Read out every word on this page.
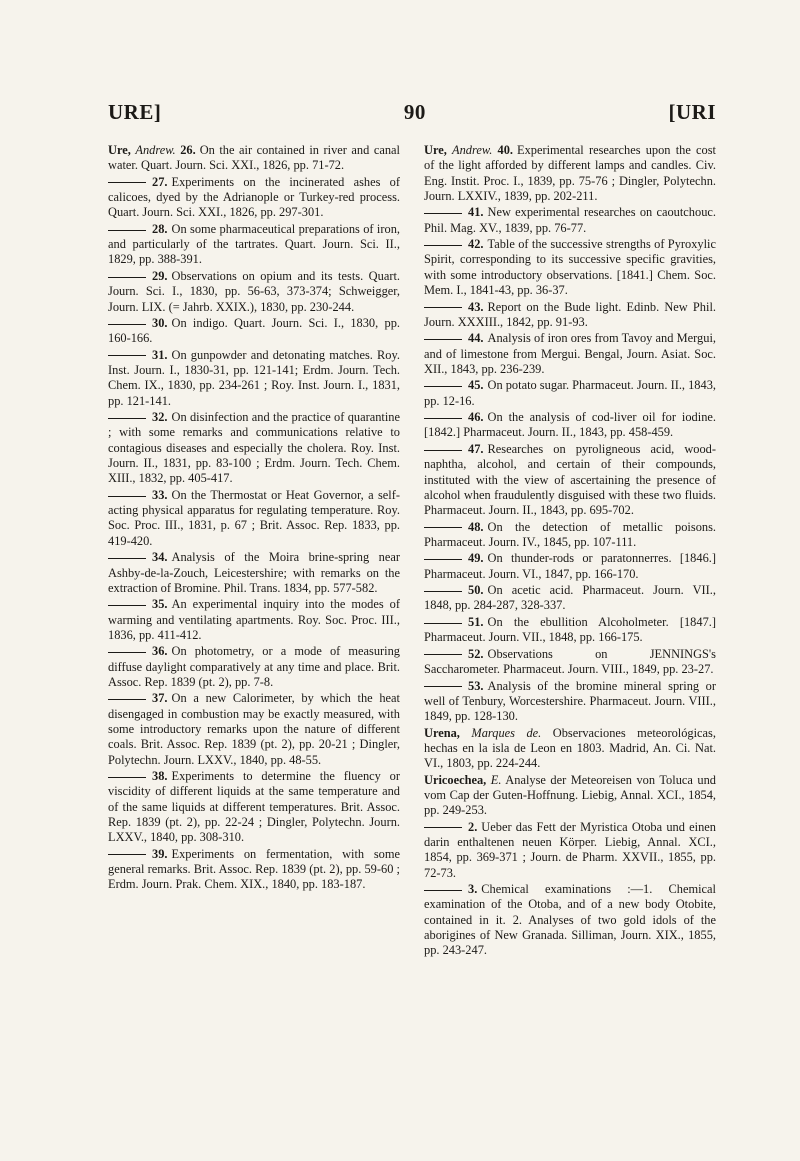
URE]	90	[URI

Ure, Andrew. 26. On the air contained in river and canal water. Quart. Journ. Sci. XXI., 1826, pp. 71-72.

27. Experiments on the incinerated ashes of calicoes, dyed by the Adrianople or Turkey-red process. Quart. Journ. Sci. XXI., 1826, pp. 297-301.

28. On some pharmaceutical preparations of iron, and particularly of the tartrates. Quart. Journ. Sci. II., 1829, pp. 388-391.

29. Observations on opium and its tests. Quart. Journ. Sci. I., 1830, pp. 56-63, 373-374; Schweigger, Journ. LIX. (= Jahrb. XXIX.), 1830, pp. 230-244.

30. On indigo. Quart. Journ. Sci. I., 1830, pp. 160-166.

31. On gunpowder and detonating matches. Roy. Inst. Journ. I., 1830-31, pp. 121-141; Erdm. Journ. Tech. Chem. IX., 1830, pp. 234-261 ; Roy. Inst. Journ. I., 1831, pp. 121-141.

32. On disinfection and the practice of quarantine ; with some remarks and communications relative to contagious diseases and especially the cholera. Roy. Inst. Journ. II., 1831, pp. 83-100 ; Erdm. Journ. Tech. Chem. XIII., 1832, pp. 405-417.

33. On the Thermostat or Heat Governor, a self-acting physical apparatus for regulating temperature. Roy. Soc. Proc. III., 1831, p. 67 ; Brit. Assoc. Rep. 1833, pp. 419-420.

34. Analysis of the Moira brine-spring near Ashby-de-la-Zouch, Leicestershire; with remarks on the extraction of Bromine. Phil. Trans. 1834, pp. 577-582.

35. An experimental inquiry into the modes of warming and ventilating apartments. Roy. Soc. Proc. III., 1836, pp. 411-412.

36. On photometry, or a mode of measuring diffuse daylight comparatively at any time and place. Brit. Assoc. Rep. 1839 (pt. 2), pp. 7-8.

37. On a new Calorimeter, by which the heat disengaged in combustion may be exactly measured, with some introductory remarks upon the nature of different coals. Brit. Assoc. Rep. 1839 (pt. 2), pp. 20-21 ; Dingler, Polytechn. Journ. LXXV., 1840, pp. 48-55.

38. Experiments to determine the fluency or viscidity of different liquids at the same temperature and of the same liquids at different temperatures. Brit. Assoc. Rep. 1839 (pt. 2), pp. 22-24 ; Dingler, Polytechn. Journ. LXXV., 1840, pp. 308-310.

39. Experiments on fermentation, with some general remarks. Brit. Assoc. Rep. 1839 (pt. 2), pp. 59-60 ; Erdm. Journ. Prak. Chem. XIX., 1840, pp. 183-187.

Ure, Andrew. 40. Experimental researches upon the cost of the light afforded by different lamps and candles. Civ. Eng. Instit. Proc. I., 1839, pp. 75-76 ; Dingler, Polytechn. Journ. LXXIV., 1839, pp. 202-211.

41. New experimental researches on caoutchouc. Phil. Mag. XV., 1839, pp. 76-77.

42. Table of the successive strengths of Pyroxylic Spirit, corresponding to its successive specific gravities, with some introductory observations. [1841.] Chem. Soc. Mem. I., 1841-43, pp. 36-37.

43. Report on the Bude light. Edinb. New Phil. Journ. XXXIII., 1842, pp. 91-93.

44. Analysis of iron ores from Tavoy and Mergui, and of limestone from Mergui. Bengal, Journ. Asiat. Soc. XII., 1843, pp. 236-239.

45. On potato sugar. Pharmaceut. Journ. II., 1843, pp. 12-16.

46. On the analysis of cod-liver oil for iodine. [1842.] Pharmaceut. Journ. II., 1843, pp. 458-459.

47. Researches on pyroligneous acid, wood-naphtha, alcohol, and certain of their compounds, instituted with the view of ascertaining the presence of alcohol when fraudulently disguised with these two fluids. Pharmaceut. Journ. II., 1843, pp. 695-702.

48. On the detection of metallic poisons. Pharmaceut. Journ. IV., 1845, pp. 107-111.

49. On thunder-rods or paratonnerres. [1846.] Pharmaceut. Journ. VI., 1847, pp. 166-170.

50. On acetic acid. Pharmaceut. Journ. VII., 1848, pp. 284-287, 328-337.

51. On the ebullition Alcoholmeter. [1847.] Pharmaceut. Journ. VII., 1848, pp. 166-175.

52. Observations on JENNINGS's Saccharometer. Pharmaceut. Journ. VIII., 1849, pp. 23-27.

53. Analysis of the bromine mineral spring or well of Tenbury, Worcestershire. Pharmaceut. Journ. VIII., 1849, pp. 128-130.

Urena, Marques de. Observaciones meteorológicas, hechas en la isla de Leon en 1803. Madrid, An. Ci. Nat. VI., 1803, pp. 224-244.

Uricoechea, E. Analyse der Meteoreisen von Toluca und vom Cap der Guten-Hoffnung. Liebig, Annal. XCI., 1854, pp. 249-253.

2. Ueber das Fett der Myristica Otoba und einen darin enthaltenen neuen Körper. Liebig, Annal. XCI., 1854, pp. 369-371 ; Journ. de Pharm. XXVII., 1855, pp. 72-73.

3. Chemical examinations :—1. Chemical examination of the Otoba, and of a new body Otobite, contained in it. 2. Analyses of two gold idols of the aborigines of New Granada. Silliman, Journ. XIX., 1855, pp. 243-247.
